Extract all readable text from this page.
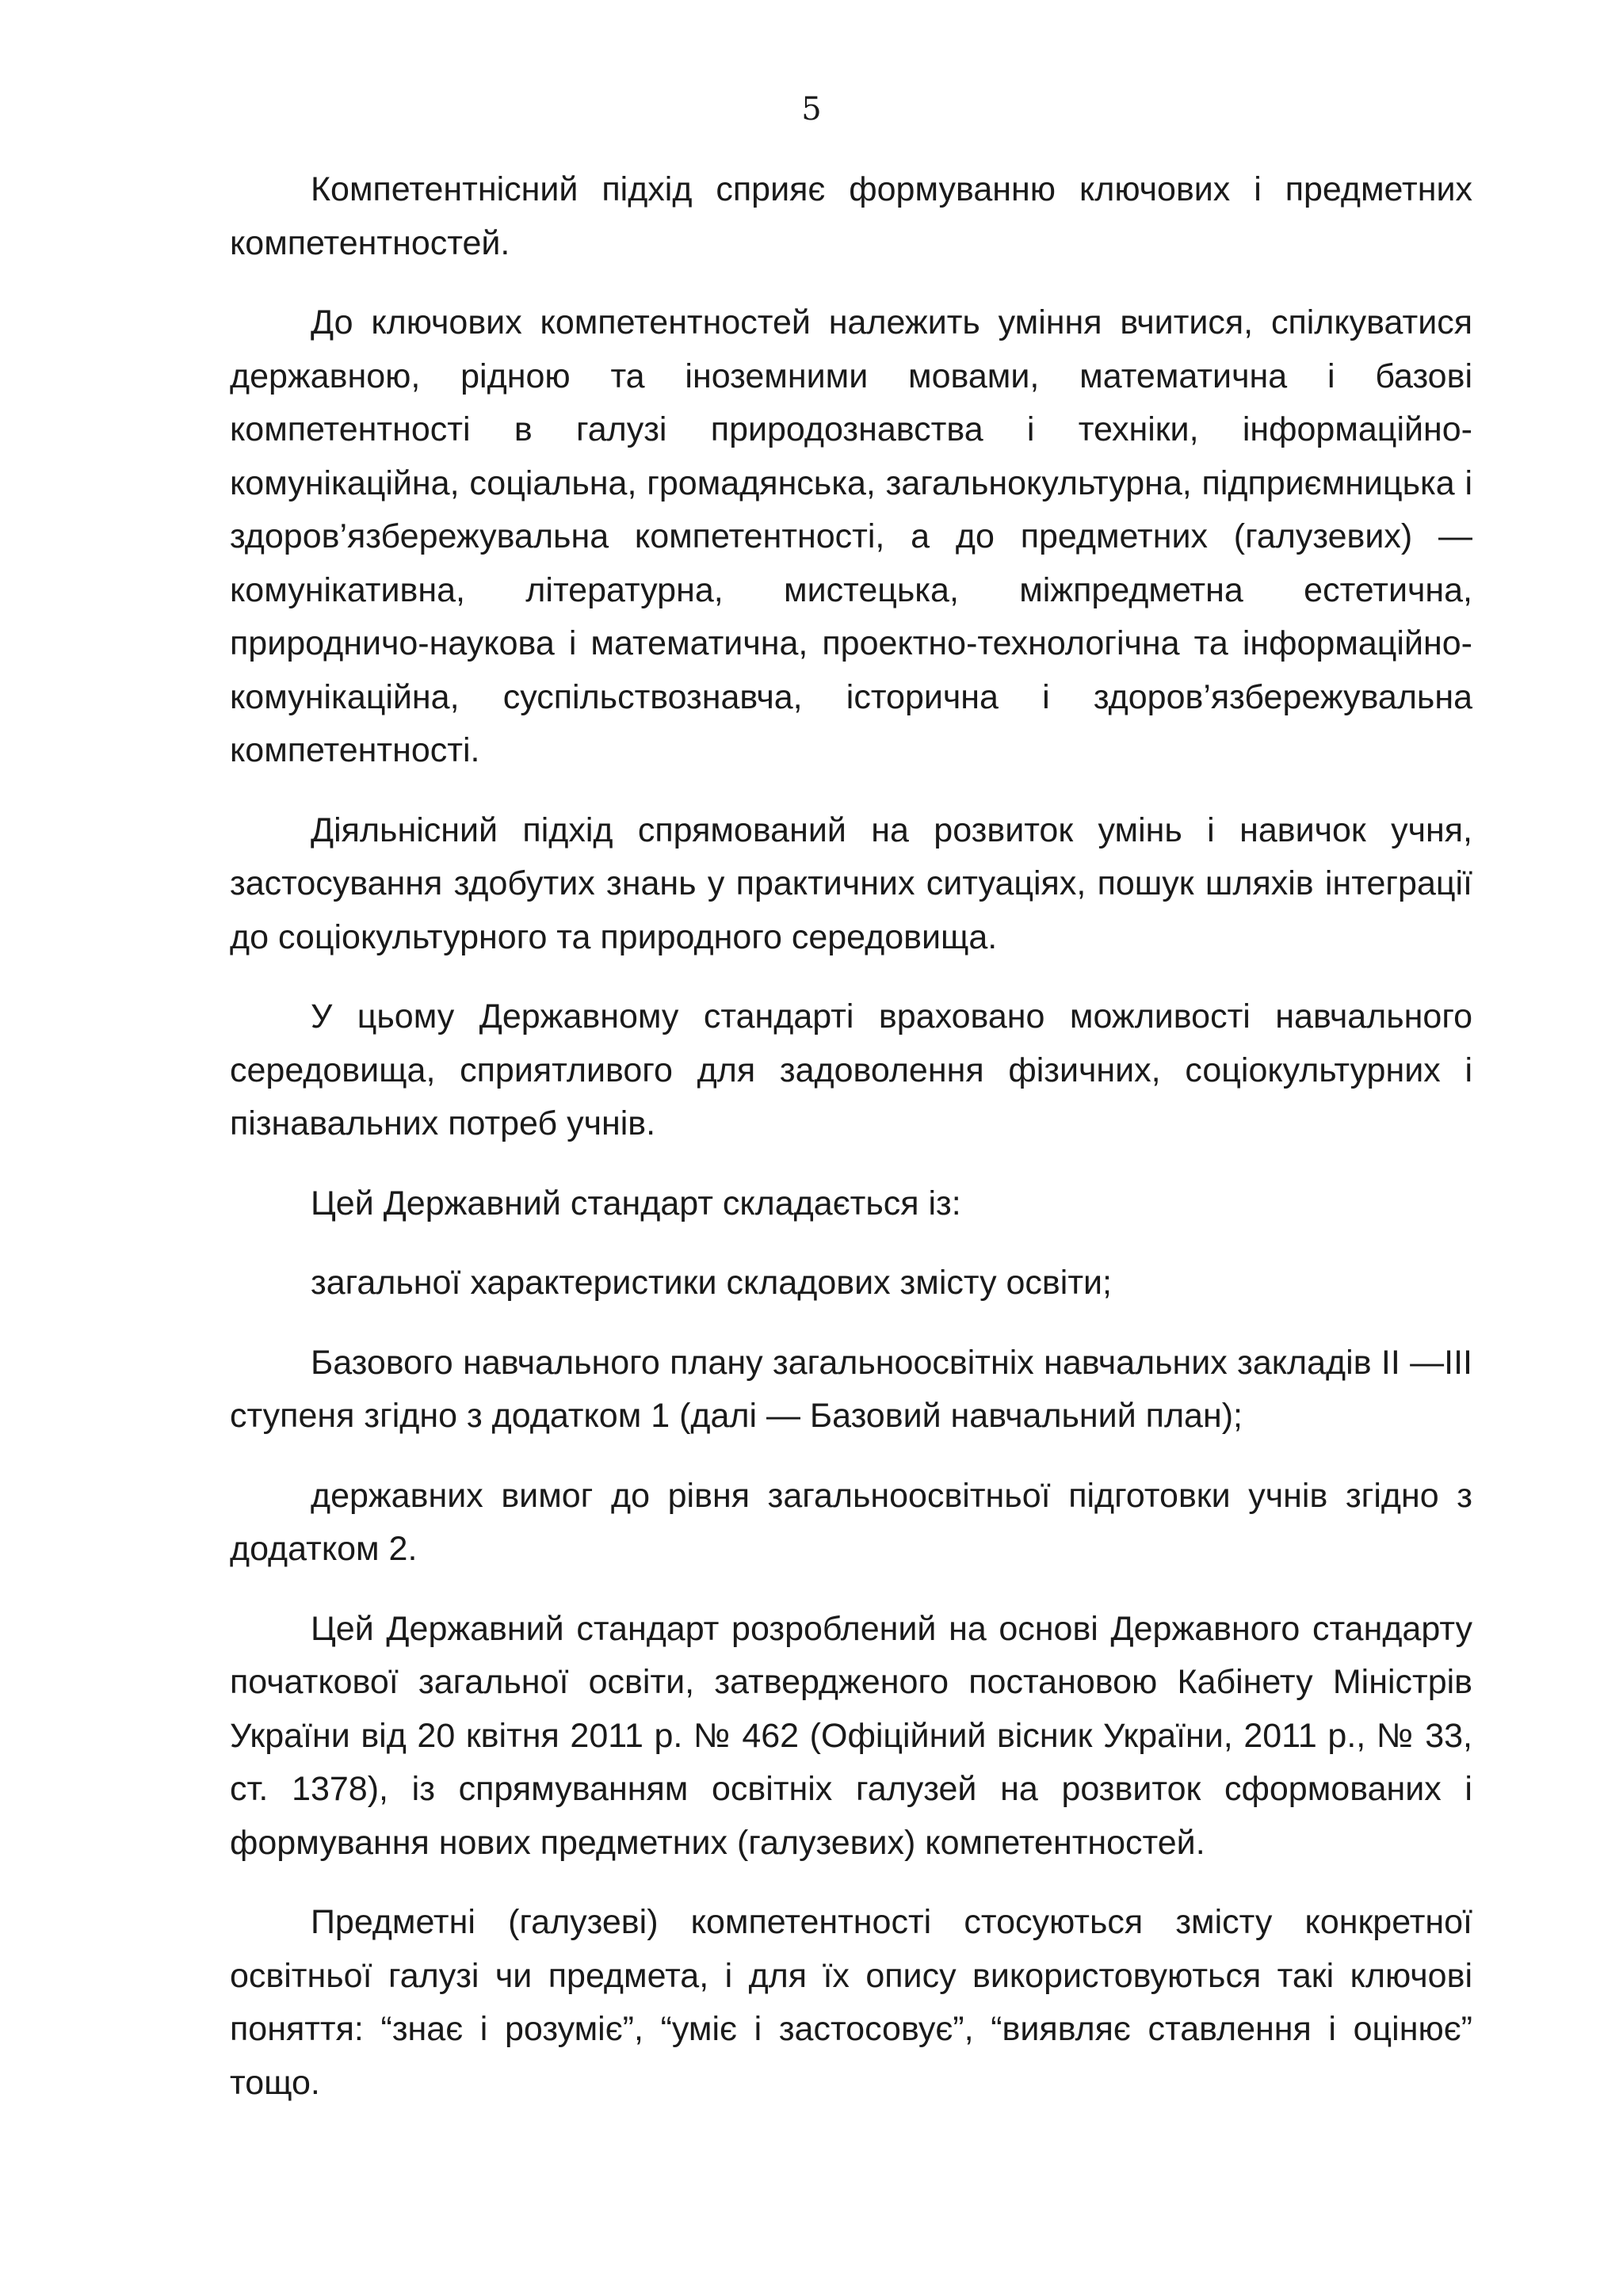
5

Компетентнісний підхід сприяє формуванню ключових і предметних компетентностей.

До ключових компетентностей належить уміння вчитися, спілкуватися державною, рідною та іноземними мовами, математична і базові компетентності в галузі природознавства і техніки, інформаційно-комунікаційна, соціальна, громадянська, загальнокультурна, підприємницька і здоров’язбережувальна компетентності, а до предметних (галузевих) — комунікативна, літературна, мистецька, міжпредметна естетична, природничо-наукова і математична, проектно-технологічна та інформаційно-комунікаційна, суспільствознавча, історична і здоров’язбережувальна компетентності.

Діяльнісний підхід спрямований на розвиток умінь і навичок учня, застосування здобутих знань у практичних ситуаціях, пошук шляхів інтеграції до соціокультурного та природного середовища.

У цьому Державному стандарті враховано можливості навчального середовища, сприятливого для задоволення фізичних, соціокультурних і пізнавальних потреб учнів.

Цей Державний стандарт складається із:

загальної характеристики складових змісту освіти;

Базового навчального плану загальноосвітніх навчальних закладів II —III ступеня згідно з додатком 1 (далі — Базовий навчальний план);

державних вимог до рівня загальноосвітньої підготовки учнів згідно з додатком 2.

Цей Державний стандарт розроблений на основі Державного стандарту початкової загальної освіти, затвердженого постановою Кабінету Міністрів України від 20 квітня 2011 р. № 462 (Офіційний вісник України, 2011 р., № 33, ст. 1378), із спрямуванням освітніх галузей на розвиток сформованих і формування нових предметних (галузевих) компетентностей.

Предметні (галузеві) компетентності стосуються змісту конкретної освітньої галузі чи предмета, і для їх опису використовуються такі ключові поняття: “знає і розуміє”, “уміє і застосовує”, “виявляє ставлення і оцінює” тощо.
